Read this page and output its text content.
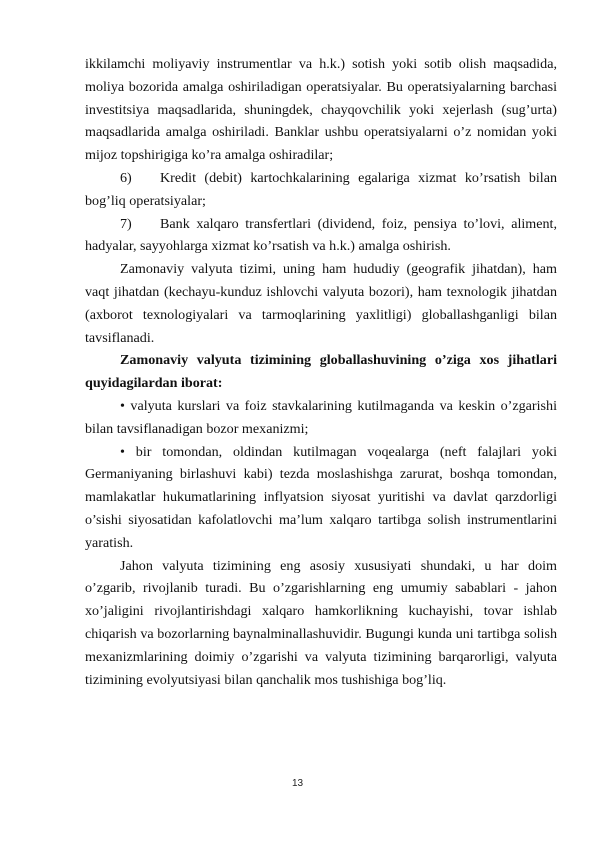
ikkilamchi moliyaviy instrumentlar va h.k.) sotish yoki sotib olish maqsadida, moliya bozorida amalga oshiriladigan operatsiyalar. Bu operatsiyalarning barchasi investitsiya maqsadlarida, shuningdek, chayqovchilik yoki xejerlash (sug’urta) maqsadlarida amalga oshiriladi. Banklar ushbu operatsiyalarni o’z nomidan yoki mijoz topshirigiga ko’ra amalga oshiradilar;

6) Kredit (debit) kartochkalarining egalariga xizmat ko’rsatish bilan bog’liq operatsiyalar;

7) Bank xalqaro transfertlari (dividend, foiz, pensiya to’lovi, aliment, hadyalar, sayyohlarga xizmat ko’rsatish va h.k.) amalga oshirish.

Zamonaviy valyuta tizimi, uning ham hududiy (geografik jihatdan), ham vaqt jihatdan (kechayu-kunduz ishlovchi valyuta bozori), ham texnologik jihatdan (axborot texnologiyalari va tarmoqlarining yaxlitligi) globallashganligi bilan tavsiflanadi.

Zamonaviy valyuta tizimining globallashuvining o’ziga xos jihatlari quyidagilardan iborat:

• valyuta kurslari va foiz stavkalarining kutilmaganda va keskin o’zgarishi bilan tavsiflanadigan bozor mexanizmi;

• bir tomondan, oldindan kutilmagan voqealarga (neft falajlari yoki Germaniyaning birlashuvi kabi) tezda moslashishga zarurat, boshqa tomondan, mamlakatlar hukumatlarining inflyatsion siyosat yuritishi va davlat qarzdorligi o’sishi siyosatidan kafolatlovchi ma’lum xalqaro tartibga solish instrumentlarini yaratish.

Jahon valyuta tizimining eng asosiy xususiyati shundaki, u har doim o’zgarib, rivojlanib turadi. Bu o’zgarishlarning eng umumiy sabablari - jahon xo’jaligini rivojlantirishdagi xalqaro hamkorlikning kuchayishi, tovar ishlab chiqarish va bozorlarning baynalminallashuvidir. Bugungi kunda uni tartibga solish mexanizmlarining doimiy o’zgarishi va valyuta tizimining barqarorligi, valyuta tizimining evolyutsiyasi bilan qanchalik mos tushishiga bog’liq.

13
